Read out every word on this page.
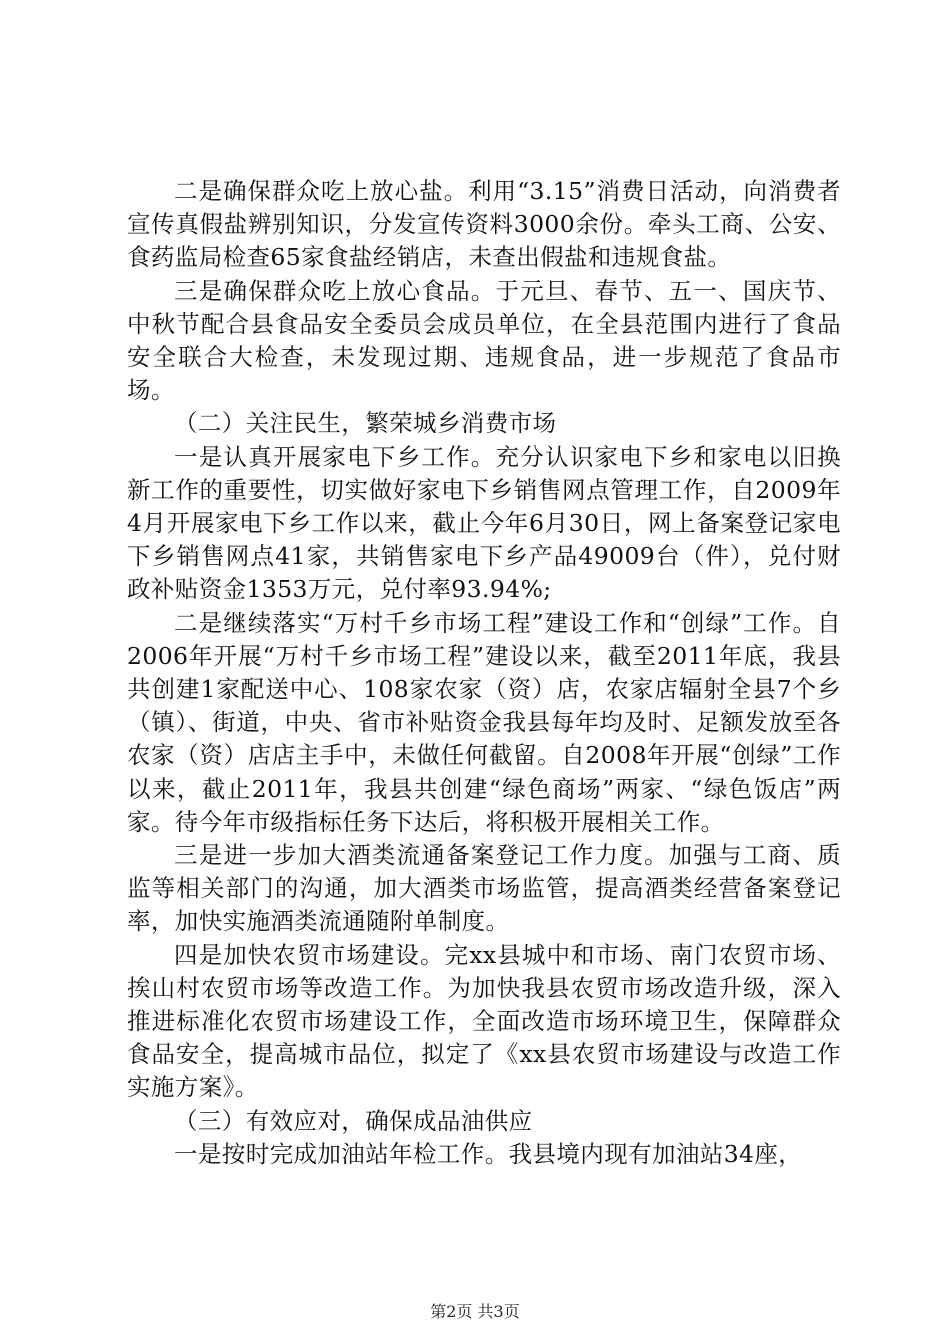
二是确保群众吃上放心盐。利用“3.15”消费日活动，向消费者宣传真假盐辨别知识，分发宣传资料3000余份。牵头工商、公安、食药监局检查65家食盐经销店，未查出假盐和违规食盐。

三是确保群众吃上放心食品。于元旦、春节、五一、国庆节、中秋节配合县食品安全委员会成员单位，在全县范围内进行了食品安全联合大检查，未发现过期、违规食品，进一步规范了食品市场。

（二）关注民生，繁荣城乡消费市场

一是认真开展家电下乡工作。充分认识家电下乡和家电以旧换新工作的重要性，切实做好家电下乡销售网点管理工作，自2009年4月开展家电下乡工作以来，截止今年6月30日，网上备案登记家电下乡销售网点41家，共销售家电下乡产品49009台（件），兑付财政补贴资金1353万元，兑付率93.94%;

二是继续落实“万村千乡市场工程”建设工作和“创绿”工作。自2006年开展“万村千乡市场工程”建设以来，截至2011年底，我县共创建1家配送中心、108家农家（资）店，农家店辐射全县7个乡（镇）、街道，中央、省市补贴资金我县每年均及时、足额发放至各农家（资）店店主手中，未做任何截留。自2008年开展“创绿”工作以来，截止2011年，我县共创建“绿色商场”两家、“绿色饭店”两家。待今年市级指标任务下达后，将积极开展相关工作。

三是进一步加大酒类流通备案登记工作力度。加强与工商、质监等相关部门的沟通，加大酒类市场监管，提高酒类经营备案登记率，加快实施酒类流通随附单制度。

四是加快农贸市场建设。完xx县城中和市场、南门农贸市场、挨山村农贸市场等改造工作。为加快我县农贸市场改造升级，深入推进标准化农贸市场建设工作，全面改造市场环境卫生，保障群众食品安全，提高城市品位，拟定了《xx县农贸市场建设与改造工作实施方案》。

（三）有效应对，确保成品油供应

一是按时完成加油站年检工作。我县境内现有加油站34座，

第2页 共3页
